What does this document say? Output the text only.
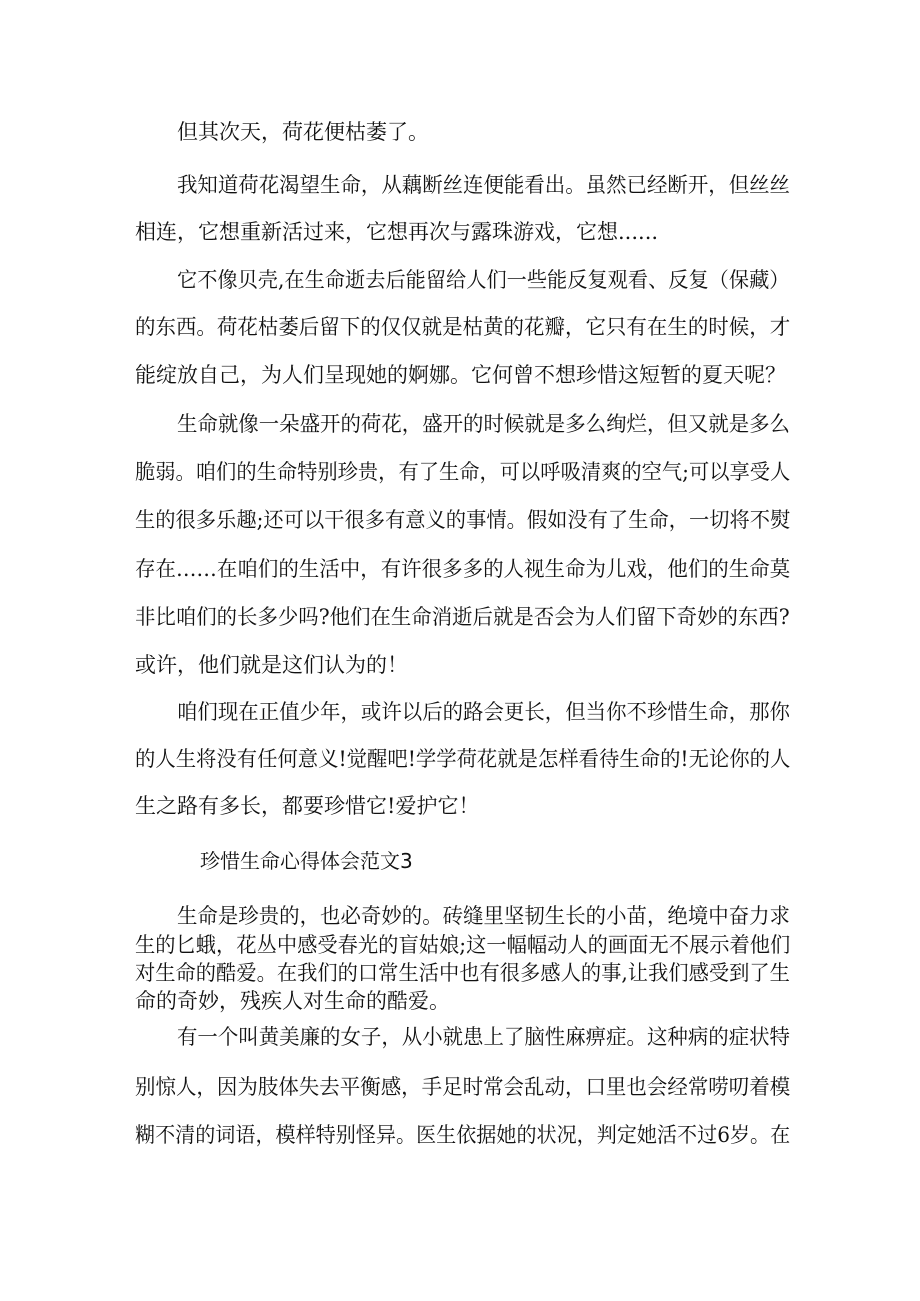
但其次天，荷花便枯萎了。
我知道荷花渴望生命，从藕断丝连便能看出。虽然已经断开，但丝丝
相连，它想重新活过来，它想再次与露珠游戏，它想......
它不像贝壳,在生命逝去后能留给人们一些能反复观看、反复（保藏）
的东西。荷花枯萎后留下的仅仅就是枯黄的花瓣，它只有在生的时候，才
能绽放自己，为人们呈现她的婀娜。它何曾不想珍惜这短暂的夏天呢？
生命就像一朵盛开的荷花，盛开的时候就是多么绚烂，但又就是多么
脆弱。咱们的生命特别珍贵，有了生命，可以呼吸清爽的空气;可以享受人
生的很多乐趣;还可以干很多有意义的事情。假如没有了生命，一切将不熨
存在……在咱们的生活中，有许很多多的人视生命为儿戏，他们的生命莫
非比咱们的长多少吗?他们在生命消逝后就是否会为人们留下奇妙的东西?
或许，他们就是这们认为的！
咱们现在正值少年，或许以后的路会更长，但当你不珍惜生命，那你
的人生将没有任何意义!觉醒吧!学学荷花就是怎样看待生命的!无论你的人
生之路有多长，都要珍惜它!爱护它！
珍惜生命心得体会范文3
生命是珍贵的，也必奇妙的。砖缝里坚韧生长的小苗，绝境中奋力求
生的匕蛾，花丛中感受春光的盲姑娘;这一幅幅动人的画面无不展示着他们
对生命的酷爱。在我们的口常生活中也有很多感人的事,让我们感受到了生
命的奇妙，残疾人对生命的酷爱。
有一个叫黄美廉的女子，从小就患上了脑性麻痹症。这种病的症状特
别惊人，因为肢体失去平衡感，手足时常会乱动，口里也会经常唠叨着模
糊不清的词语，模样特别怪异。医生依据她的状况，判定她活不过6岁。在
